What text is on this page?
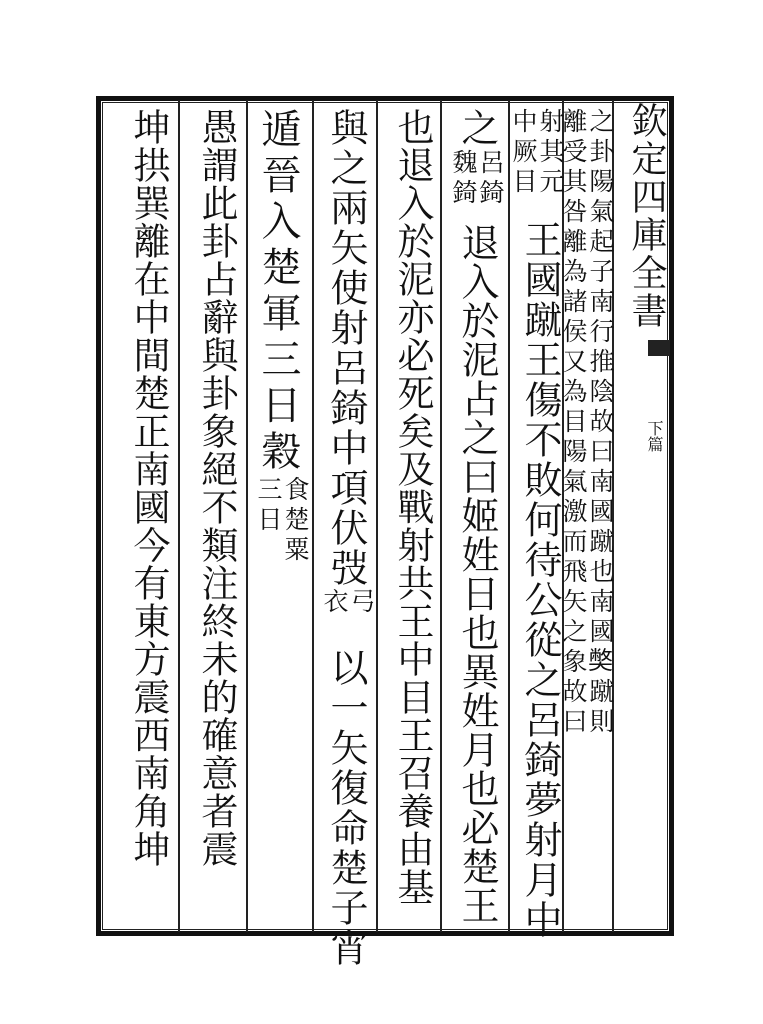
欽定四庫全書
下篇
之卦陽氣起子南行推陰故曰南國蹴也南國𡚁蹴則
離受其咎離為諸侯又為目陽氣激而飛矢之象故曰
射其元
中厥目
王國蹴王傷不敗何待公從之呂錡夢射月中
之
呂錡
魏錡
退入於泥占之曰姬姓日也異姓月也必楚王
也退入於泥亦必死矣及戰射共王中目王召養由基
與之兩矢使射呂錡中項伏弢
弓
衣
以一矢復命楚子宵
遁晉入楚軍三日穀
食楚粟
三日
愚謂此卦占辭與卦象絕不類注終未的確意者震
坤拱巽離在中間楚正南國今有東方震西南角坤
